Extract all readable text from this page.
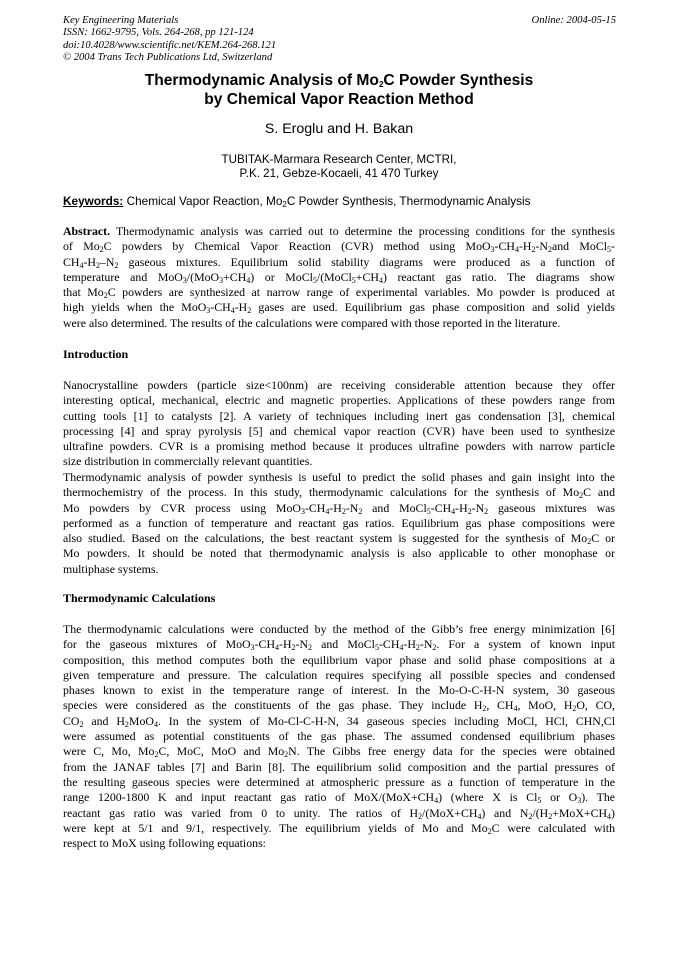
Key Engineering Materials
ISSN: 1662-9795, Vols. 264-268, pp 121-124
doi:10.4028/www.scientific.net/KEM.264-268.121
© 2004 Trans Tech Publications Ltd, Switzerland
Online: 2004-05-15
Thermodynamic Analysis of $Mo_2C$ Powder Synthesis
by Chemical Vapor Reaction Method
S. Eroglu and H. Bakan
TUBITAK-Marmara Research Center, MCTRI,
P.K. 21, Gebze-Kocaeli, 41 470 Turkey
Keywords: Chemical Vapor Reaction, $Mo_2C$ Powder Synthesis, Thermodynamic Analysis
Abstract. Thermodynamic analysis was carried out to determine the processing conditions for the synthesis
of $Mo_2C$ powders by Chemical Vapor Reaction (CVR) method using $MoO_3-CH_4-H_2-N_2and$ MoCl$_5$-
$CH_4-H_2-N_2$ gaseous mixtures. Equilibrium solid stability diagrams were produced as a function of
temperature and $MoO_3/(MoO_3+CH_4)$ or $MoCl_5/(MoCl_5+CH_4)$ reactant gas ratio. The diagrams show
that $Mo_2C$ powders are synthesized at narrow range of experimental variables. Mo powder is produced at
high yields when the $MoO_3-CH_4-H_2$ gases are used. Equilibrium gas phase composition and solid yields
were also determined. The results of the calculations were compared with those reported in the literature.
Introduction
Nanocrystalline powders (particle size<100nm) are receiving considerable attention because they offer
interesting optical, mechanical, electric and magnetic properties. Applications of these powders range from
cutting tools [1] to catalysts [2]. A variety of techniques including inert gas condensation [3], chemical
processing [4] and spray pyrolysis [5] and chemical vapor reaction (CVR) have been used to synthesize
ultrafine powders. CVR is a promising method because it produces ultrafine powders with narrow particle
size distribution in commercially relevant quantities.
Thermodynamic analysis of powder synthesis is useful to predict the solid phases and gain insight into the
thermochemistry of the process. In this study, thermodynamic calculations for the synthesis of $Mo_2C$ and
Mo powders by CVR process using $MoO_3-CH_4-H_2-N_2$ and $MoCl_5-CH_4-H_2-N_2$ gaseous mixtures was
performed as a function of temperature and reactant gas ratios. Equilibrium gas phase compositions were
also studied. Based on the calculations, the best reactant system is suggested for the synthesis of $Mo_2C$ or
Mo powders. It should be noted that thermodynamic analysis is also applicable to other monophase or
multiphase systems.
Thermodynamic Calculations
The thermodynamic calculations were conducted by the method of the Gibb’s free energy minimization [6]
for the gaseous mixtures of $MoO_3-CH_4-H_2-N_2$ and $MoCl_5-CH_4-H_2-N_2$. For a system of known input
composition, this method computes both the equilibrium vapor phase and solid phase compositions at a
given temperature and pressure. The calculation requires specifying all possible species and condensed
phases known to exist in the temperature range of interest. In the Mo-O-C-H-N system, 30 gaseous
species were considered as the constituents of the gas phase. They include $H_2$, $CH_4$, MoO, $H_2O$, CO,
$CO_2$ and $H_2MoO_4$. In the system of Mo-Cl-C-H-N, 34 gaseous species including MoCl, HCl, CHN,Cl
were assumed as potential constituents of the gas phase. The assumed condensed equilibrium phases
were C, Mo, $Mo_2C$, MoC, MoO and $Mo_2N$. The Gibbs free energy data for the species were obtained
from the JANAF tables [7] and Barin [8]. The equilibrium solid composition and the partial pressures of
the resulting gaseous species were determined at atmospheric pressure as a function of temperature in the
range 1200-1800 K and input reactant gas ratio of MoX/$(MoX+CH_4)$ (where X is $Cl_5$ or $O_3$). The
reactant gas ratio was varied from 0 to unity. The ratios of $H_2/(MoX+CH_4)$ and $N_2/(H_2+MoX+CH_4)$
were kept at 5/1 and 9/1, respectively. The equilibrium yields of Mo and $Mo_2C$ were calculated with
respect to MoX using following equations:
